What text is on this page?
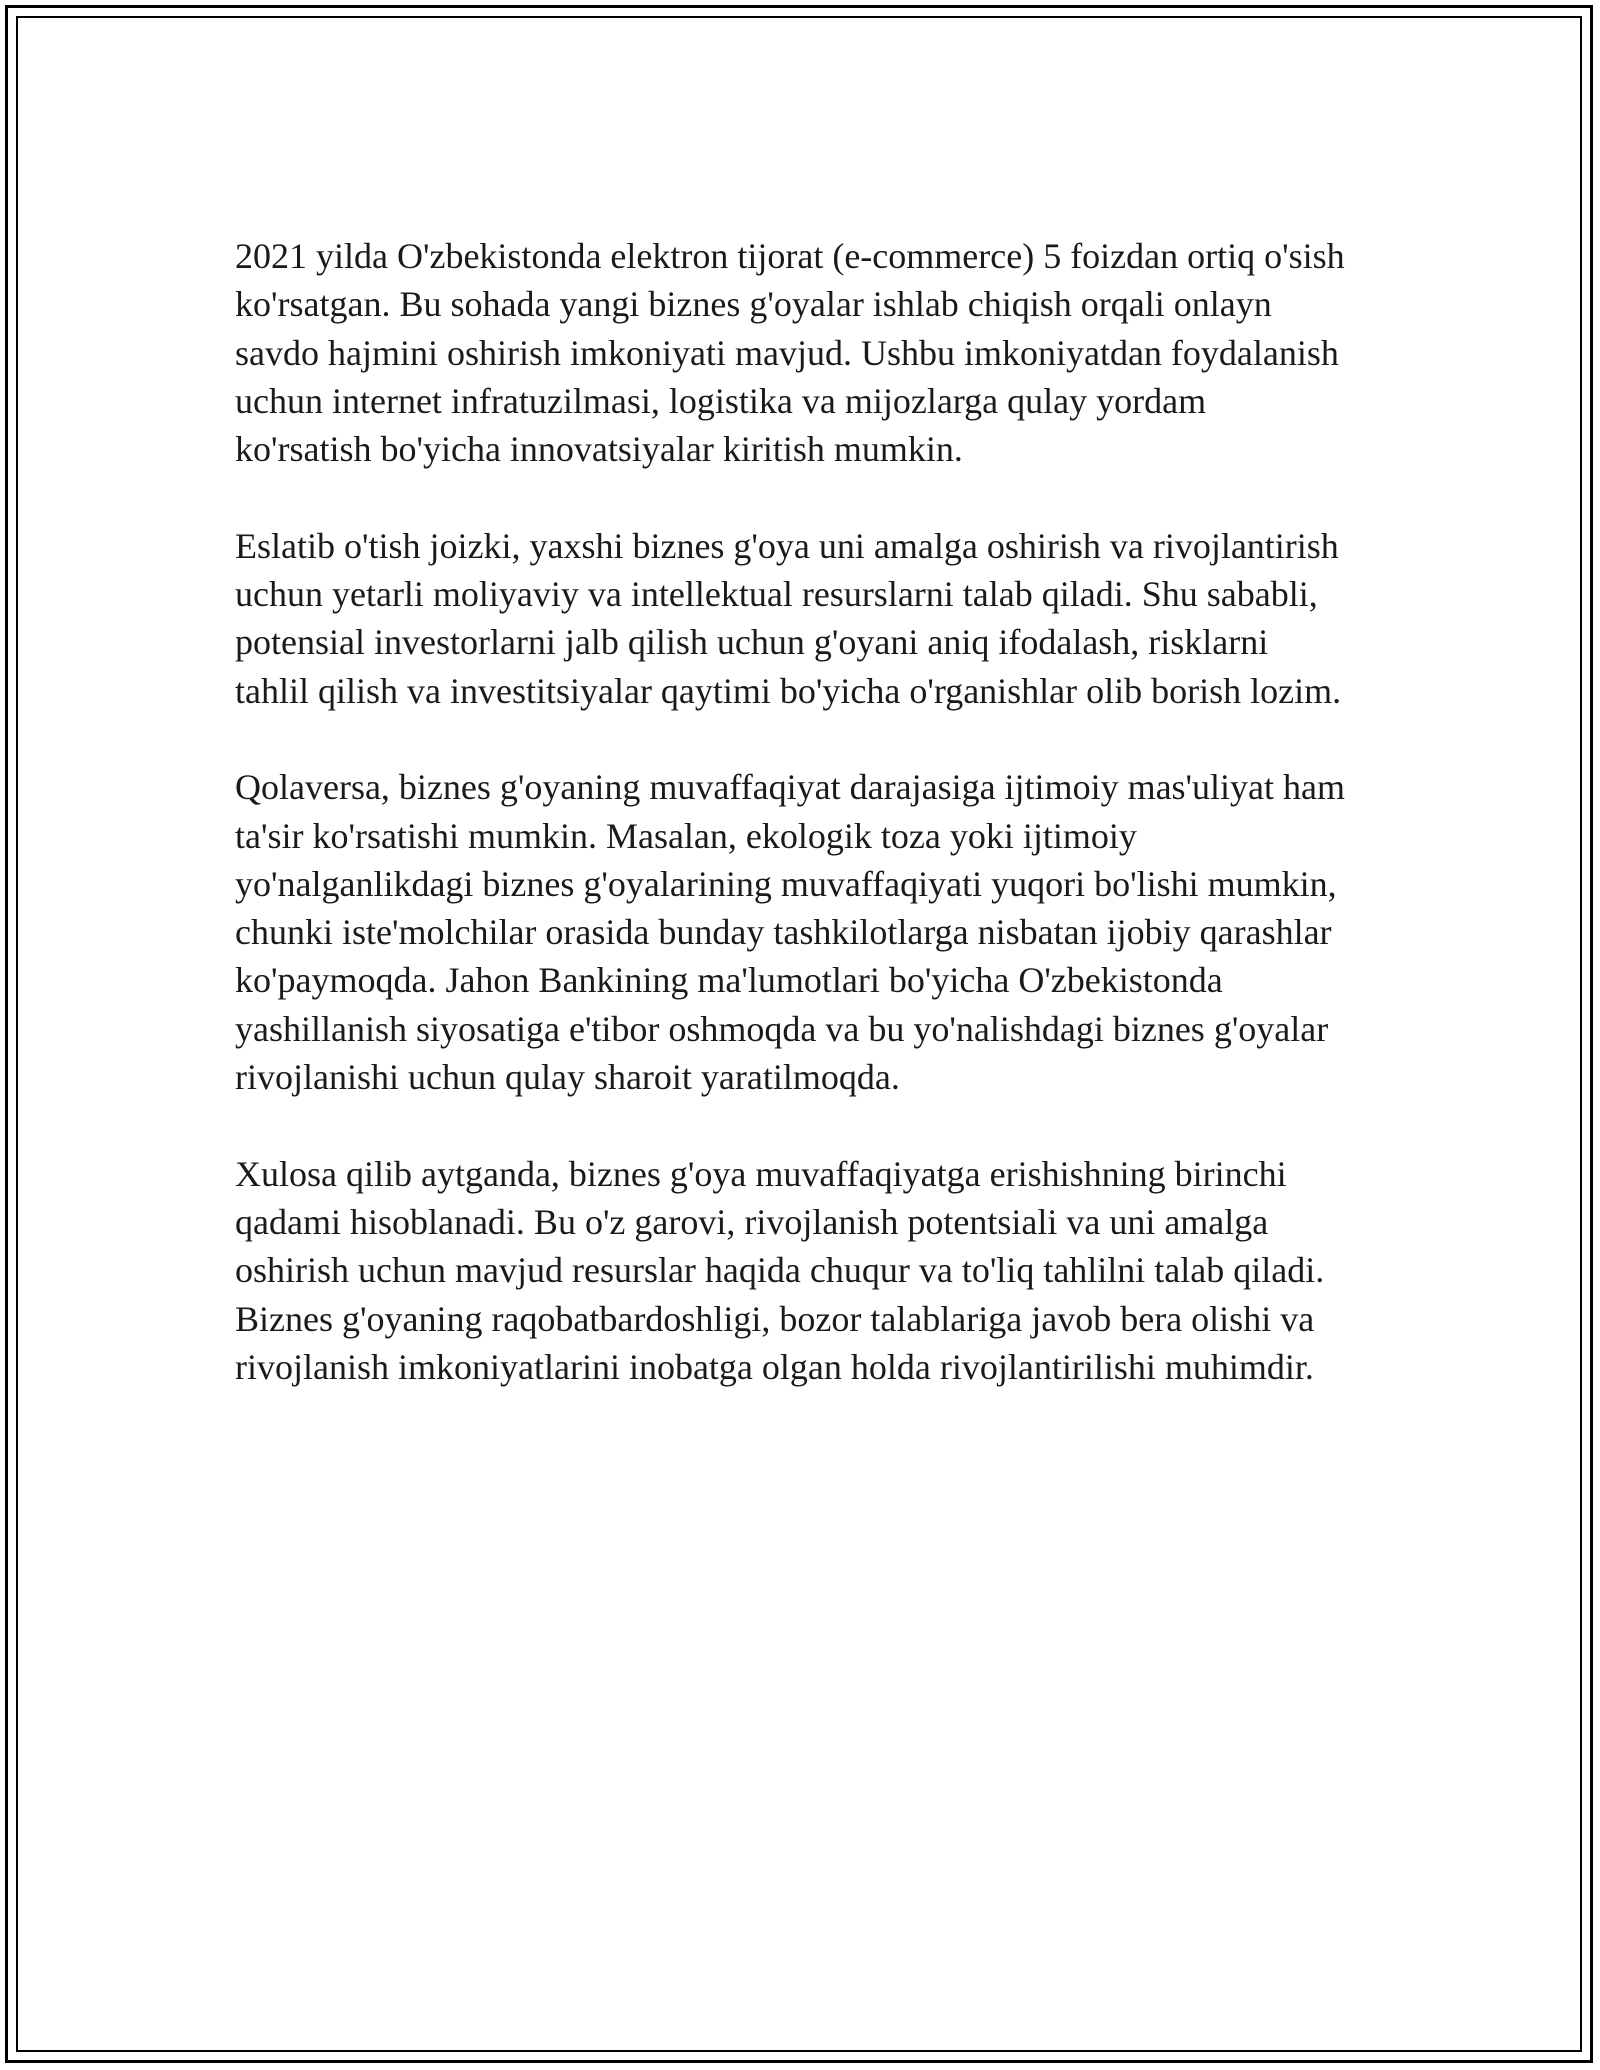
2021 yilda O'zbekistonda elektron tijorat (e-commerce) 5 foizdan ortiq o'sish
ko'rsatgan. Bu sohada yangi biznes g'oyalar ishlab chiqish orqali onlayn
savdo hajmini oshirish imkoniyati mavjud. Ushbu imkoniyatdan foydalanish
uchun internet infratuzilmasi, logistika va mijozlarga qulay yordam
ko'rsatish bo'yicha innovatsiyalar kiritish mumkin.

Eslatib o'tish joizki, yaxshi biznes g'oya uni amalga oshirish va rivojlantirish
uchun yetarli moliyaviy va intellektual resurslarni talab qiladi. Shu sababli,
potensial investorlarni jalb qilish uchun g'oyani aniq ifodalash, risklarni
tahlil qilish va investitsiyalar qaytimi bo'yicha o'rganishlar olib borish lozim.

Qolaversa, biznes g'oyaning muvaffaqiyat darajasiga ijtimoiy mas'uliyat ham
ta'sir ko'rsatishi mumkin. Masalan, ekologik toza yoki ijtimoiy
yo'nalganlikdagi biznes g'oyalarining muvaffaqiyati yuqori bo'lishi mumkin,
chunki iste'molchilar orasida bunday tashkilotlarga nisbatan ijobiy qarashlar
ko'paymoqda. Jahon Bankining ma'lumotlari bo'yicha O'zbekistonda
yashillanish siyosatiga e'tibor oshmoqda va bu yo'nalishdagi biznes g'oyalar
rivojlanishi uchun qulay sharoit yaratilmoqda.

Xulosa qilib aytganda, biznes g'oya muvaffaqiyatga erishishning birinchi
qadami hisoblanadi. Bu o'z garovi, rivojlanish potentsiali va uni amalga
oshirish uchun mavjud resurslar haqida chuqur va to'liq tahlilni talab qiladi.
Biznes g'oyaning raqobatbardoshligi, bozor talablariga javob bera olishi va
rivojlanish imkoniyatlarini inobatga olgan holda rivojlantirilishi muhimdir.
